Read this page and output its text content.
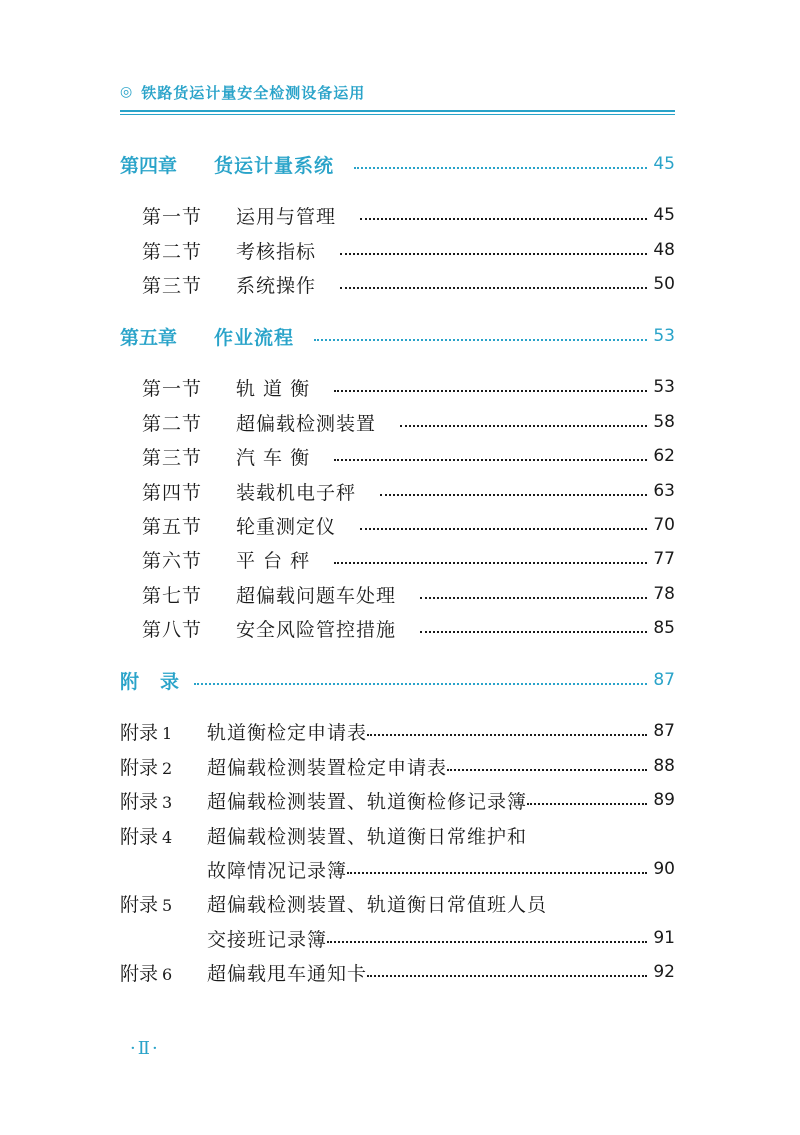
◎ 铁路货运计量安全检测设备运用
第四章	货运计量系统	45
第一节	运用与管理	45
第二节	考核指标	48
第三节	系统操作	50
第五章	作业流程	53
第一节	轨 道 衡	53
第二节	超偏载检测装置	58
第三节	汽 车 衡	62
第四节	装载机电子秤	63
第五节	轮重测定仪	70
第六节	平 台 秤	77
第七节	超偏载问题车处理	78
第八节	安全风险管控措施	85
附　录	87
附录 1	轨道衡检定申请表	87
附录 2	超偏载检测装置检定申请表	88
附录 3	超偏载检测装置、轨道衡检修记录簿	89
附录 4	超偏载检测装置、轨道衡日常维护和
故障情况记录簿	90
附录 5	超偏载检测装置、轨道衡日常值班人员
交接班记录簿	91
附录 6	超偏载甩车通知卡	92
·Ⅱ·
